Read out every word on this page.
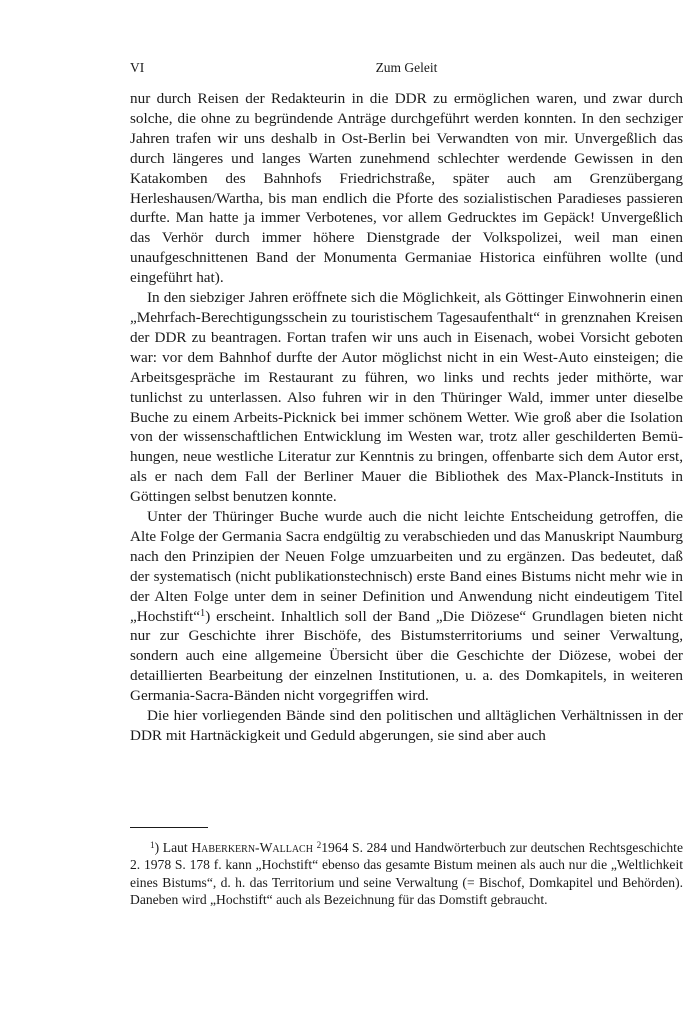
VI	Zum Geleit

nur durch Reisen der Redakteurin in die DDR zu ermöglichen waren, und zwar durch solche, die ohne zu begründende Anträge durchgeführt werden konnten. In den sechziger Jahren trafen wir uns deshalb in Ost-Berlin bei Verwandten von mir. Unvergeßlich das durch längeres und langes Warten zunehmend schlechter werdende Gewissen in den Katakomben des Bahnhofs Friedrichstraße, später auch am Grenzübergang Herleshausen/Wartha, bis man endlich die Pforte des sozialistischen Paradieses passieren durfte. Man hatte ja immer Verbotenes, vor allem Gedrucktes im Gepäck! Unvergeßlich das Verhör durch immer höhere Dienstgrade der Volkspolizei, weil man einen unaufgeschnittenen Band der Monumenta Germaniae Historica einführen wollte (und eingeführt hat).

In den siebziger Jahren eröffnete sich die Möglichkeit, als Göttinger Einwohnerin einen „Mehrfach-Berechtigungsschein zu touristischem Tagesaufenthalt“ in grenznahen Kreisen der DDR zu beantragen. Fortan trafen wir uns auch in Eisenach, wobei Vorsicht geboten war: vor dem Bahnhof durfte der Autor möglichst nicht in ein West-Auto einsteigen; die Arbeitsgespräche im Restaurant zu führen, wo links und rechts jeder mithörte, war tunlichst zu unterlassen. Also fuhren wir in den Thüringer Wald, immer unter dieselbe Buche zu einem Arbeits-Picknick bei immer schönem Wetter. Wie groß aber die Isolation von der wissenschaftlichen Entwicklung im Westen war, trotz aller geschilderten Bemühungen, neue westliche Literatur zur Kenntnis zu bringen, offenbarte sich dem Autor erst, als er nach dem Fall der Berliner Mauer die Bibliothek des Max-Planck-Instituts in Göttingen selbst benutzen konnte.

Unter der Thüringer Buche wurde auch die nicht leichte Entscheidung getroffen, die Alte Folge der Germania Sacra endgültig zu verabschieden und das Manuskript Naumburg nach den Prinzipien der Neuen Folge umzuarbeiten und zu ergänzen. Das bedeutet, daß der systematisch (nicht publikationstechnisch) erste Band eines Bistums nicht mehr wie in der Alten Folge unter dem in seiner Definition und Anwendung nicht eindeutigem Titel „Hochstift“$^1$) erscheint. Inhaltlich soll der Band „Die Diözese“ Grundlagen bieten nicht nur zur Geschichte ihrer Bischöfe, des Bistumsterritoriums und seiner Verwaltung, sondern auch eine allgemeine Übersicht über die Geschichte der Diözese, wobei der detaillierten Bearbeitung der einzelnen Institutionen, u. a. des Domkapitels, in weiteren Germania-Sacra-Bänden nicht vorgegriffen wird.

Die hier vorliegenden Bände sind den politischen und alltäglichen Verhältnissen in der DDR mit Hartnäckigkeit und Geduld abgerungen, sie sind aber auch

$^1$) Laut Haberkern-Wallach $^2$1964 S. 284 und Handwörterbuch zur deutschen Rechtsgeschichte 2. 1978 S. 178 f. kann „Hochstift“ ebenso das gesamte Bistum meinen als auch nur die „Weltlichkeit eines Bistums“, d. h. das Territorium und seine Verwaltung (= Bischof, Domkapitel und Behörden). Daneben wird „Hochstift“ auch als Bezeichnung für das Domstift gebraucht.
